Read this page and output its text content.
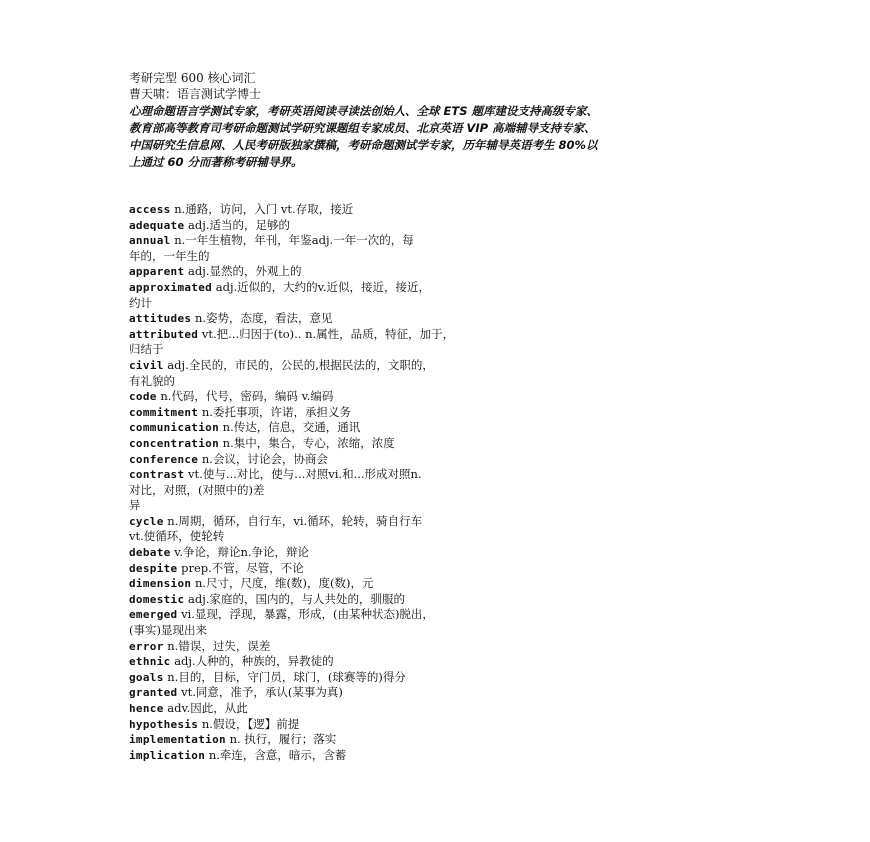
考研完型 600 核心词汇
曹天啸：语言测试学博士
心理命题语言学测试专家，考研英语阅读寻读法创始人、全球 ETS 题库建设支持高级专家、
教育部高等教育司考研命题测试学研究课题组专家成员、北京英语 VIP 高端辅导支持专家、
中国研究生信息网、人民考研版独家撰稿，考研命题测试学专家，历年辅导英语考生 80%以
上通过 60 分而著称考研辅导界。
access n.通路，访问，入门 vt.存取，接近
adequate adj.适当的，足够的
annual n.一年生植物，年刊，年鉴adj.一年一次的，每
年的，一年生的
apparent adj.显然的，外观上的
approximated adj.近似的，大约的v.近似，接近，接近，
约计
attitudes n.姿势，态度，看法，意见
attributed vt.把...归因于(to).. n.属性，品质，特征，加于，
归结于
civil adj.全民的，市民的，公民的,根据民法的，文职的，
有礼貌的
code n.代码，代号，密码，编码 v.编码
commitment n.委托事项，许诺，承担义务
communication n.传达，信息，交通，通讯
concentration n.集中，集合，专心，浓缩，浓度
conference n.会议，讨论会，协商会
contrast vt.使与...对比，使与...对照vi.和...形成对照n.
对比，对照，(对照中的)差
异
cycle n.周期，循环，自行车，vi.循环，轮转，骑自行车
vt.使循环，使轮转
debate v.争论，辩论n.争论，辩论
despite prep.不管，尽管，不论
dimension n.尺寸，尺度，维(数)，度(数)，元
domestic adj.家庭的，国内的，与人共处的，驯服的
emerged vi.显现，浮现，暴露，形成，(由某种状态)脱出，
(事实)显现出来
error n.错误，过失，误差
ethnic adj.人种的，种族的，异教徒的
goals n.目的，目标，守门员，球门，(球赛等的)得分
granted vt.同意，准予，承认(某事为真)
hence adv.因此，从此
hypothesis n.假设，【逻】前提
implementation n. 执行，履行；落实
implication n.牵连，含意，暗示，含蓄
